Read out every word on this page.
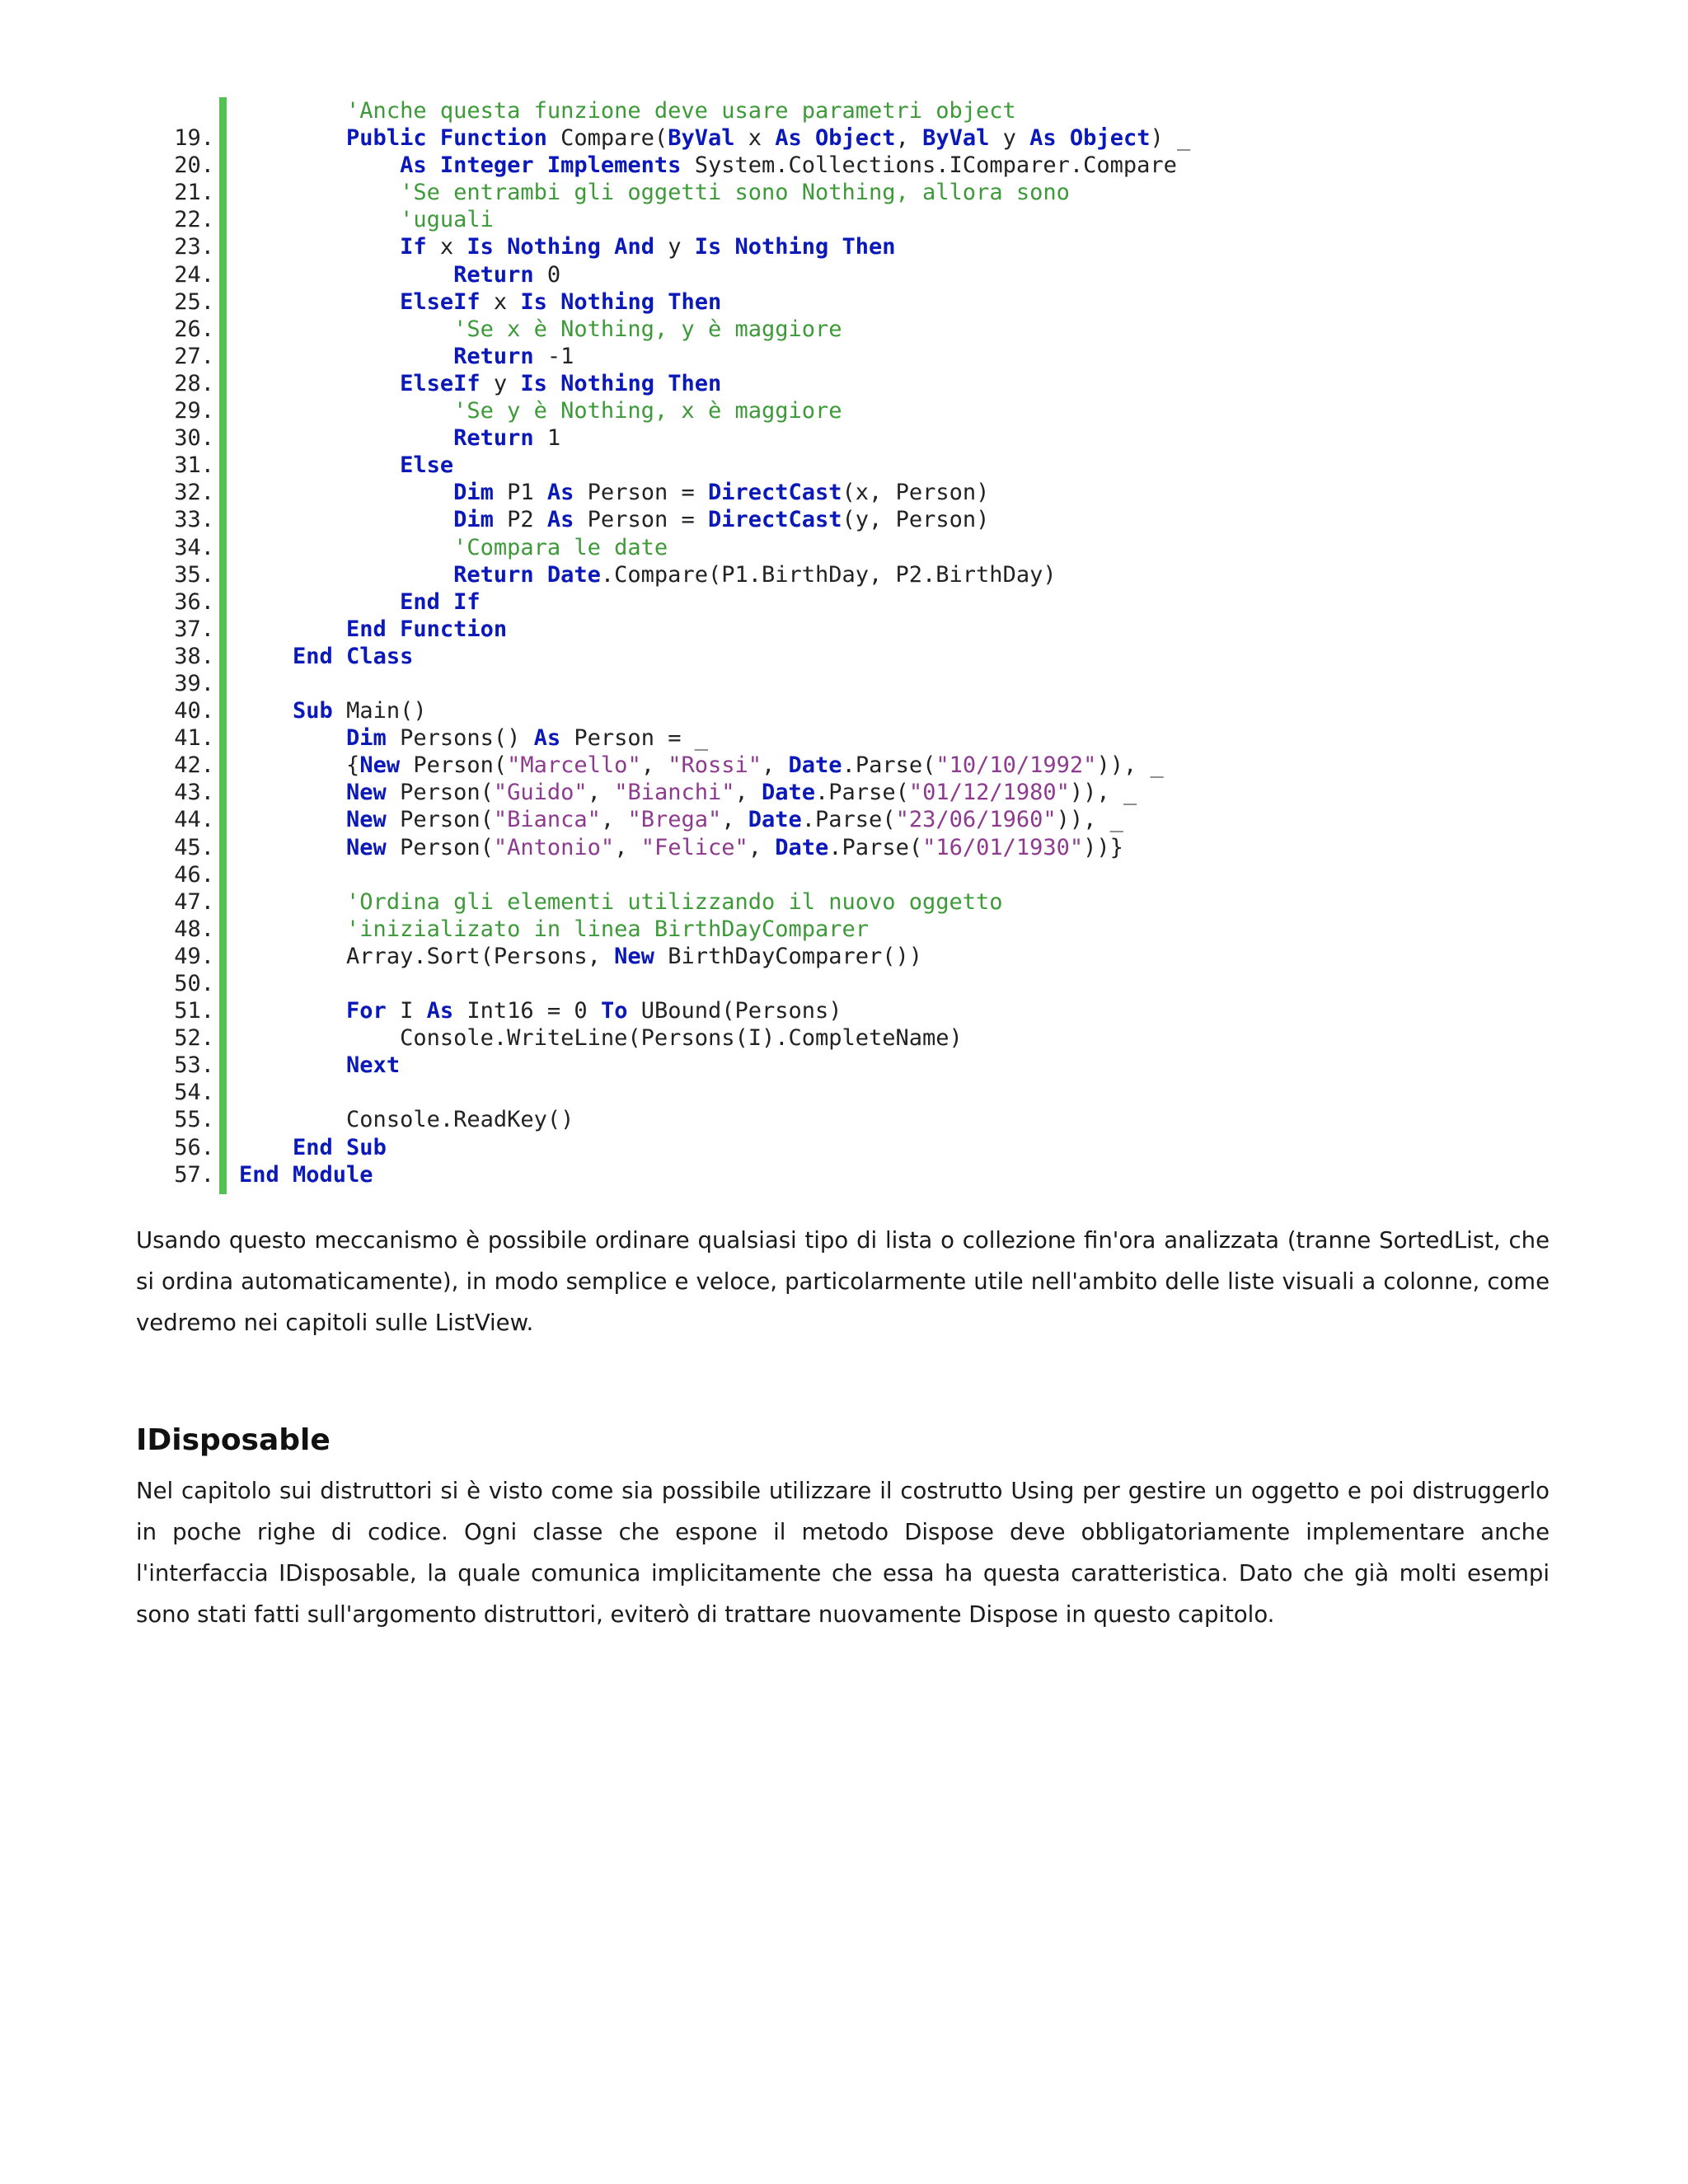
'Anche questa funzione deve usare parametri object
19.	Public Function Compare(ByVal x As Object, ByVal y As Object) _
20.	As Integer Implements System.Collections.IComparer.Compare
21.	'Se entrambi gli oggetti sono Nothing, allora sono
22.	'uguali
23.	If x Is Nothing And y Is Nothing Then
24.	Return 0
25.	ElseIf x Is Nothing Then
26.	'Se x è Nothing, y è maggiore
27.	Return -1
28.	ElseIf y Is Nothing Then
29.	'Se y è Nothing, x è maggiore
30.	Return 1
31.	Else
32.	Dim P1 As Person = DirectCast(x, Person)
33.	Dim P2 As Person = DirectCast(y, Person)
34.	'Compara le date
35.	Return Date.Compare(P1.BirthDay, P2.BirthDay)
36.	End If
37.	End Function
38.	End Class
39.
40.	Sub Main()
41.	Dim Persons() As Person = _
42.	{New Person("Marcello", "Rossi", Date.Parse("10/10/1992")), _
43.	New Person("Guido", "Bianchi", Date.Parse("01/12/1980")), _
44.	New Person("Bianca", "Brega", Date.Parse("23/06/1960")), _
45.	New Person("Antonio", "Felice", Date.Parse("16/01/1930"))}
46.
47.	'Ordina gli elementi utilizzando il nuovo oggetto
48.	'inizializato in linea BirthDayComparer
49.	Array.Sort(Persons, New BirthDayComparer())
50.
51.	For I As Int16 = 0 To UBound(Persons)
52.	Console.WriteLine(Persons(I).CompleteName)
53.	Next
54.
55.	Console.ReadKey()
56.	End Sub
57. End Module

Usando questo meccanismo è possibile ordinare qualsiasi tipo di lista o collezione fin'ora analizzata (tranne SortedList, che si ordina automaticamente), in modo semplice e veloce, particolarmente utile nell'ambito delle liste visuali a colonne, come vedremo nei capitoli sulle ListView.

IDisposable

Nel capitolo sui distruttori si è visto come sia possibile utilizzare il costrutto Using per gestire un oggetto e poi distruggerlo in poche righe di codice. Ogni classe che espone il metodo Dispose deve obbligatoriamente implementare anche l'interfaccia IDisposable, la quale comunica implicitamente che essa ha questa caratteristica. Dato che già molti esempi sono stati fatti sull'argomento distruttori, eviterò di trattare nuovamente Dispose in questo capitolo.
